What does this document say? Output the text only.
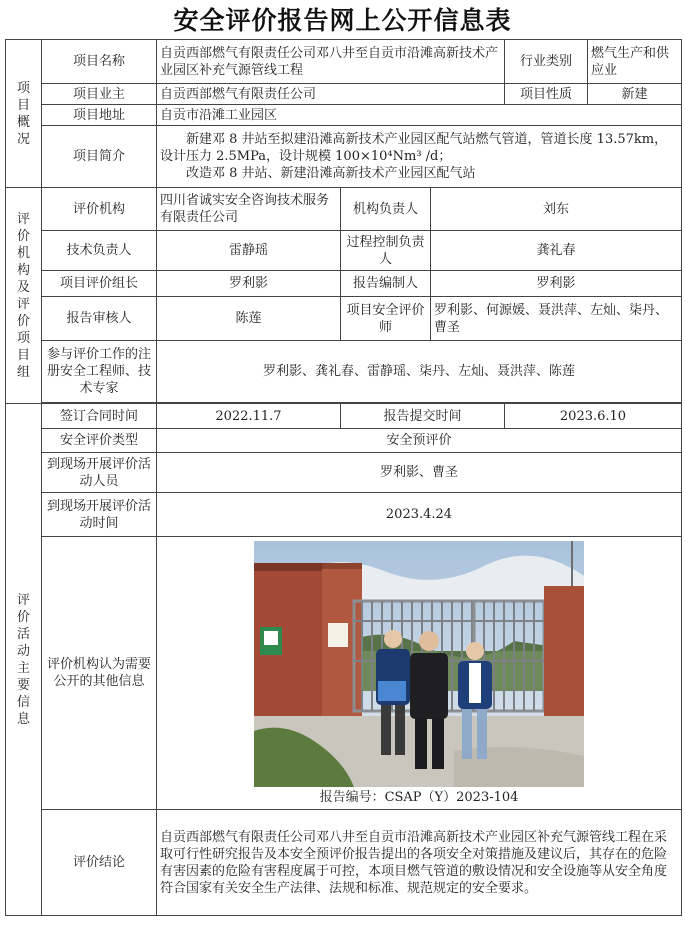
安全评价报告网上公开信息表
项目概况	项目名称	自贡西部燃气有限责任公司邓八井至自贡市沿滩高新技术产业园区补充气源管线工程			行业类别	燃气生产和供应业
	项目业主	自贡西部燃气有限责任公司			项目性质	新建
	项目地址	自贡市沿滩工业园区				
	项目简介	新建邓 8 井站至拟建沿滩高新技术产业园区配气站燃气管道，管道长度 13.57km，设计压力 2.5MPa，设计规模 100×10⁴Nm³ /d；
改造邓 8 井站、新建沿滩高新技术产业园区配气站				

评价机构及评价项目组	评价机构	四川省诚实安全咨询技术服务有限责任公司	机构负责人	刘东		
	技术负责人	雷静瑶	过程控制负责人	龚礼春		
	项目评价组长	罗利影	报告编制人	罗利影		
	报告审核人	陈莲	项目安全评价师	罗利影、何源媛、聂洪萍、左灿、柒丹、曹圣		
	参与评价工作的注册安全工程师、技术专家	罗利影、龚礼春、雷静瑶、柒丹、左灿、聂洪萍、陈莲				

评价活动主要信息	签订合同时间	2022.11.7	报告提交时间		2023.6.10	
	安全评价类型	安全预评价				
	到现场开展评价活动人员	罗利影、曹圣				
	到现场开展评价活动时间	2023.4.24				
	评价机构认为需要公开的其他信息	报告编号：CSAP（Y）2023-104				

	评价结论	自贡西部燃气有限责任公司邓八井至自贡市沿滩高新技术产业园区补充气源管线工程在采取可行性研究报告及本安全预评价报告提出的各项安全对策措施及建议后，其存在的危险有害因素的危险有害程度属于可控，本项目燃气管道的敷设情况和安全设施等从安全角度符合国家有关安全生产法律、法规和标准、规范规定的安全要求。				
